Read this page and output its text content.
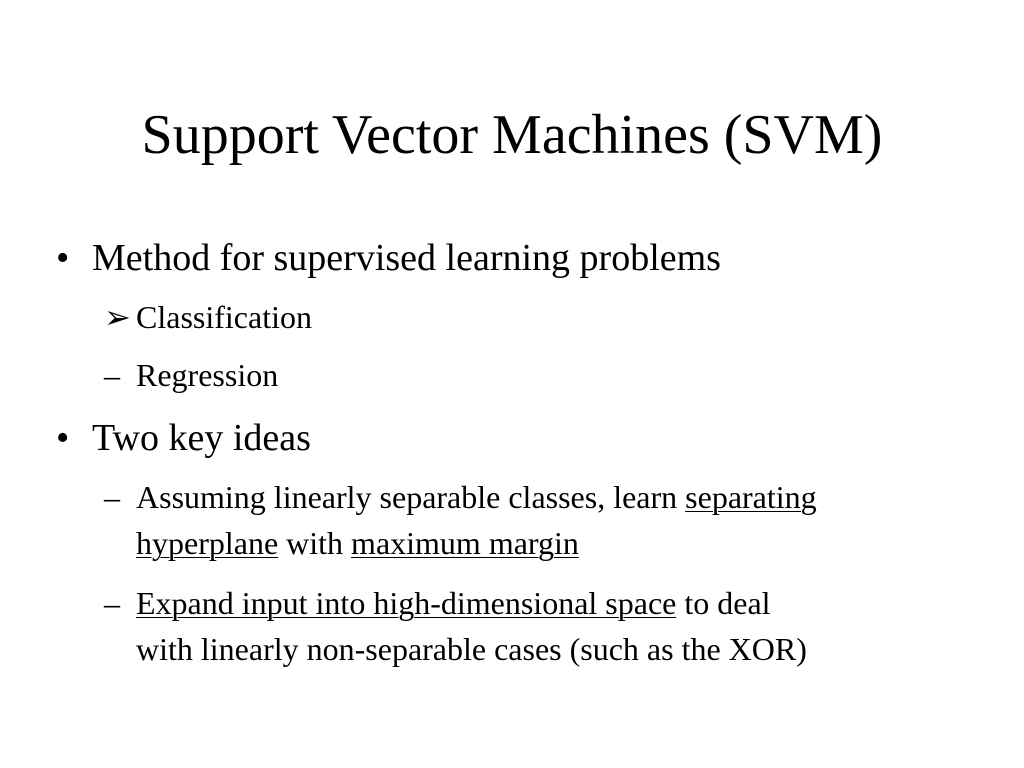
Support Vector Machines (SVM)
• Method for supervised learning problems
➢ Classification
– Regression
• Two key ideas
– Assuming linearly separable classes, learn separating
hyperplane with maximum margin
– Expand input into high-dimensional space to deal
with linearly non-separable cases (such as the XOR)
